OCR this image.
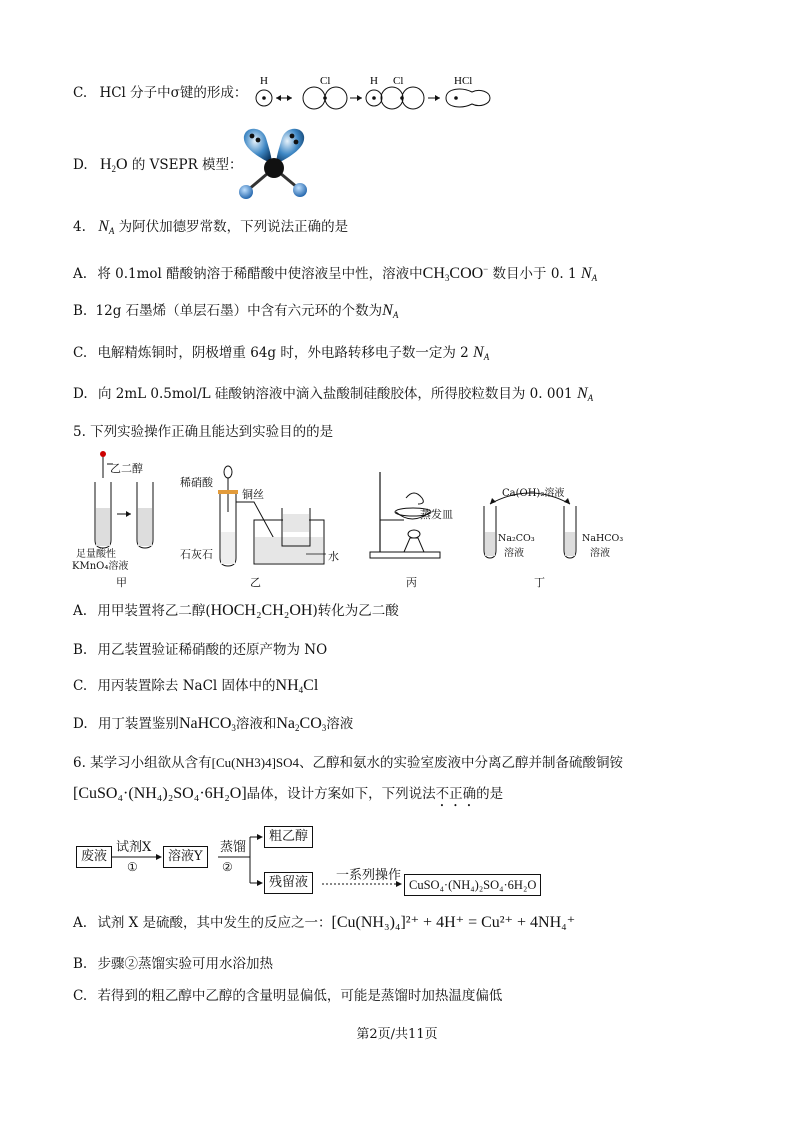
C. HCl 分子中σ键的形成：
H	Cl	H Cl	HCl
D. $H_2O$ 的 VSEPR 模型：
4. $N_A$ 为阿伏加德罗常数，下列说法正确的是
A. 将 0.1mol 醋酸钠溶于稀醋酸中使溶液呈中性，溶液中$CH_3COO^-$ 数目小于 0. 1 $N_A$
B. 12g 石墨烯（单层石墨）中含有六元环的个数为$N_A$
C. 电解精炼铜时，阴极增重 64g 时，外电路转移电子数一定为 2 $N_A$
D. 向 2mL 0.5mol/L 硅酸钠溶液中滴入盐酸制硅酸胶体，所得胶粒数目为 0. 001 $N_A$
5. 下列实验操作正确且能达到实验目的的是
乙二醇
足量酸性
KMnO₄溶液
甲
稀硝酸
铜丝
石灰石	水
乙
蒸发皿
丙
Ca(OH)₂溶液
Na₂CO₃
溶液
NaHCO₃
溶液
丁
A. 用甲装置将乙二醇(HOCH₂CH₂OH)转化为乙二酸
B. 用乙装置验证稀硝酸的还原产物为 NO
C. 用丙装置除去 NaCl 固体中的$NH_4Cl$
D. 用丁装置鉴别NaHCO$_3$溶液和$Na_2CO_3$溶液
6. 某学习小组欲从含有[Cu(NH3)4]SO4、乙醇和氨水的实验室废液中分离乙醇并制备硫酸铜铵
[CuSO₄·(NH₄)₂SO₄·6H₂O]晶体，设计方案如下，下列说法不正确的是
废液
试剂X
①
溶液Y
蒸馏
②
粗乙醇
残留液	一系列操作
CuSO₄·(NH₄)₂SO₄·6H₂O
A. 试剂 X 是硫酸，其中发生的反应之一：[Cu(NH₃)₄]²⁺ + 4H⁺ = Cu²⁺ + 4NH₄⁺
B. 步骤②蒸馏实验可用水浴加热
C. 若得到的粗乙醇中乙醇的含量明显偏低，可能是蒸馏时加热温度偏低
第2页/共11页
